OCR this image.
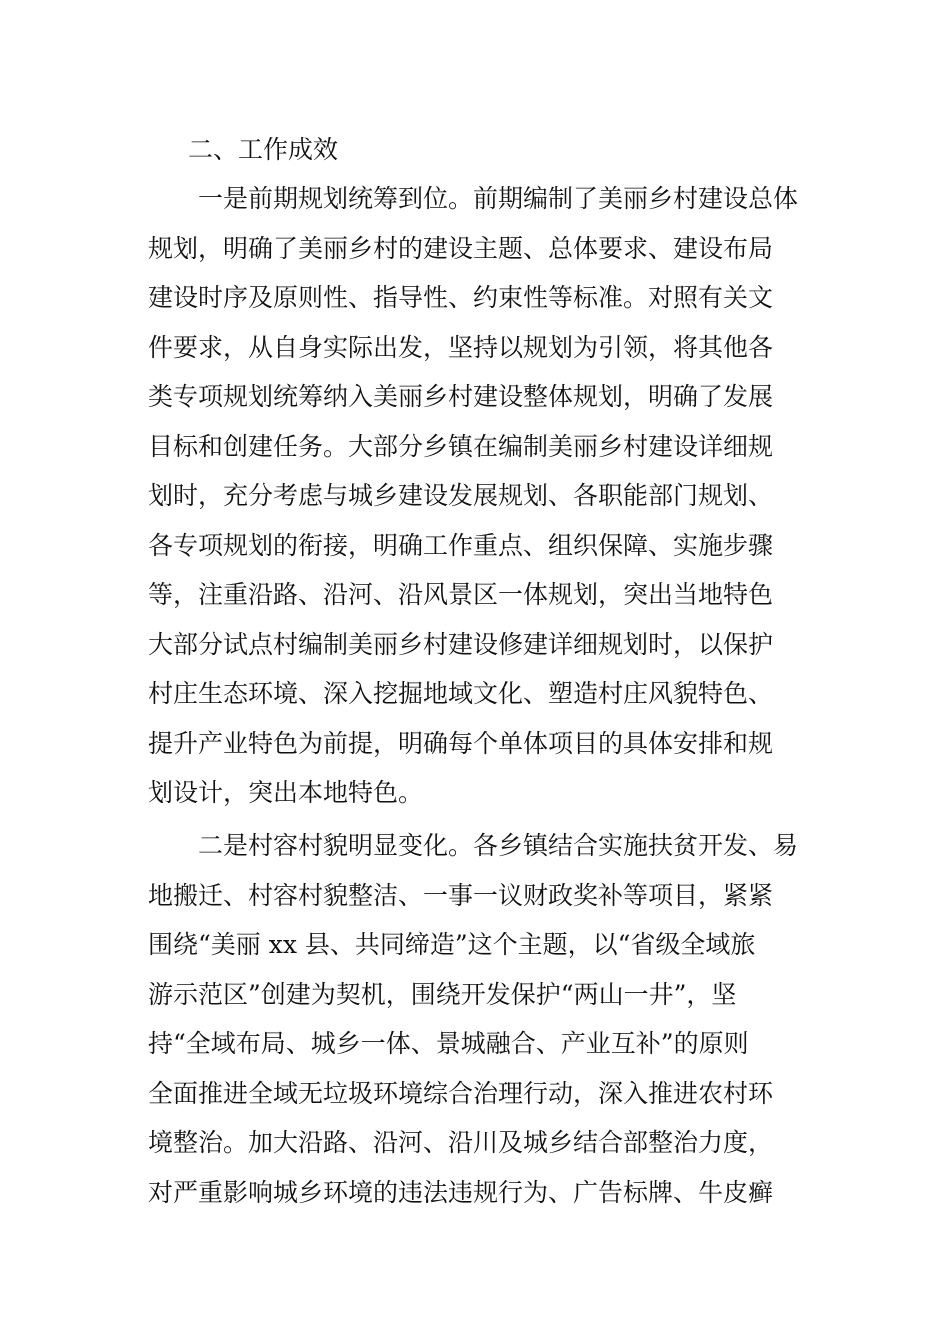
二、工作成效
　　一是前期规划统筹到位。前期编制了美丽乡村建设总体
规划，明确了美丽乡村的建设主题、总体要求、建设布局
建设时序及原则性、指导性、约束性等标准。对照有关文
件要求，从自身实际出发，坚持以规划为引领，将其他各
类专项规划统筹纳入美丽乡村建设整体规划，明确了发展
目标和创建任务。大部分乡镇在编制美丽乡村建设详细规
划时，充分考虑与城乡建设发展规划、各职能部门规划、
各专项规划的衔接，明确工作重点、组织保障、实施步骤
等，注重沿路、沿河、沿风景区一体规划，突出当地特色
大部分试点村编制美丽乡村建设修建详细规划时，以保护
村庄生态环境、深入挖掘地域文化、塑造村庄风貌特色、
提升产业特色为前提，明确每个单体项目的具体安排和规
划设计，突出本地特色。
　　二是村容村貌明显变化。各乡镇结合实施扶贫开发、易
地搬迁、村容村貌整洁、一事一议财政奖补等项目，紧紧
围绕“美丽 xx 县、共同缔造”这个主题，以“省级全域旅
游示范区”创建为契机，围绕开发保护“两山一井”，坚
持“全域布局、城乡一体、景城融合、产业互补”的原则
全面推进全域无垃圾环境综合治理行动，深入推进农村环
境整治。加大沿路、沿河、沿川及城乡结合部整治力度，
对严重影响城乡环境的违法违规行为、广告标牌、牛皮癣
